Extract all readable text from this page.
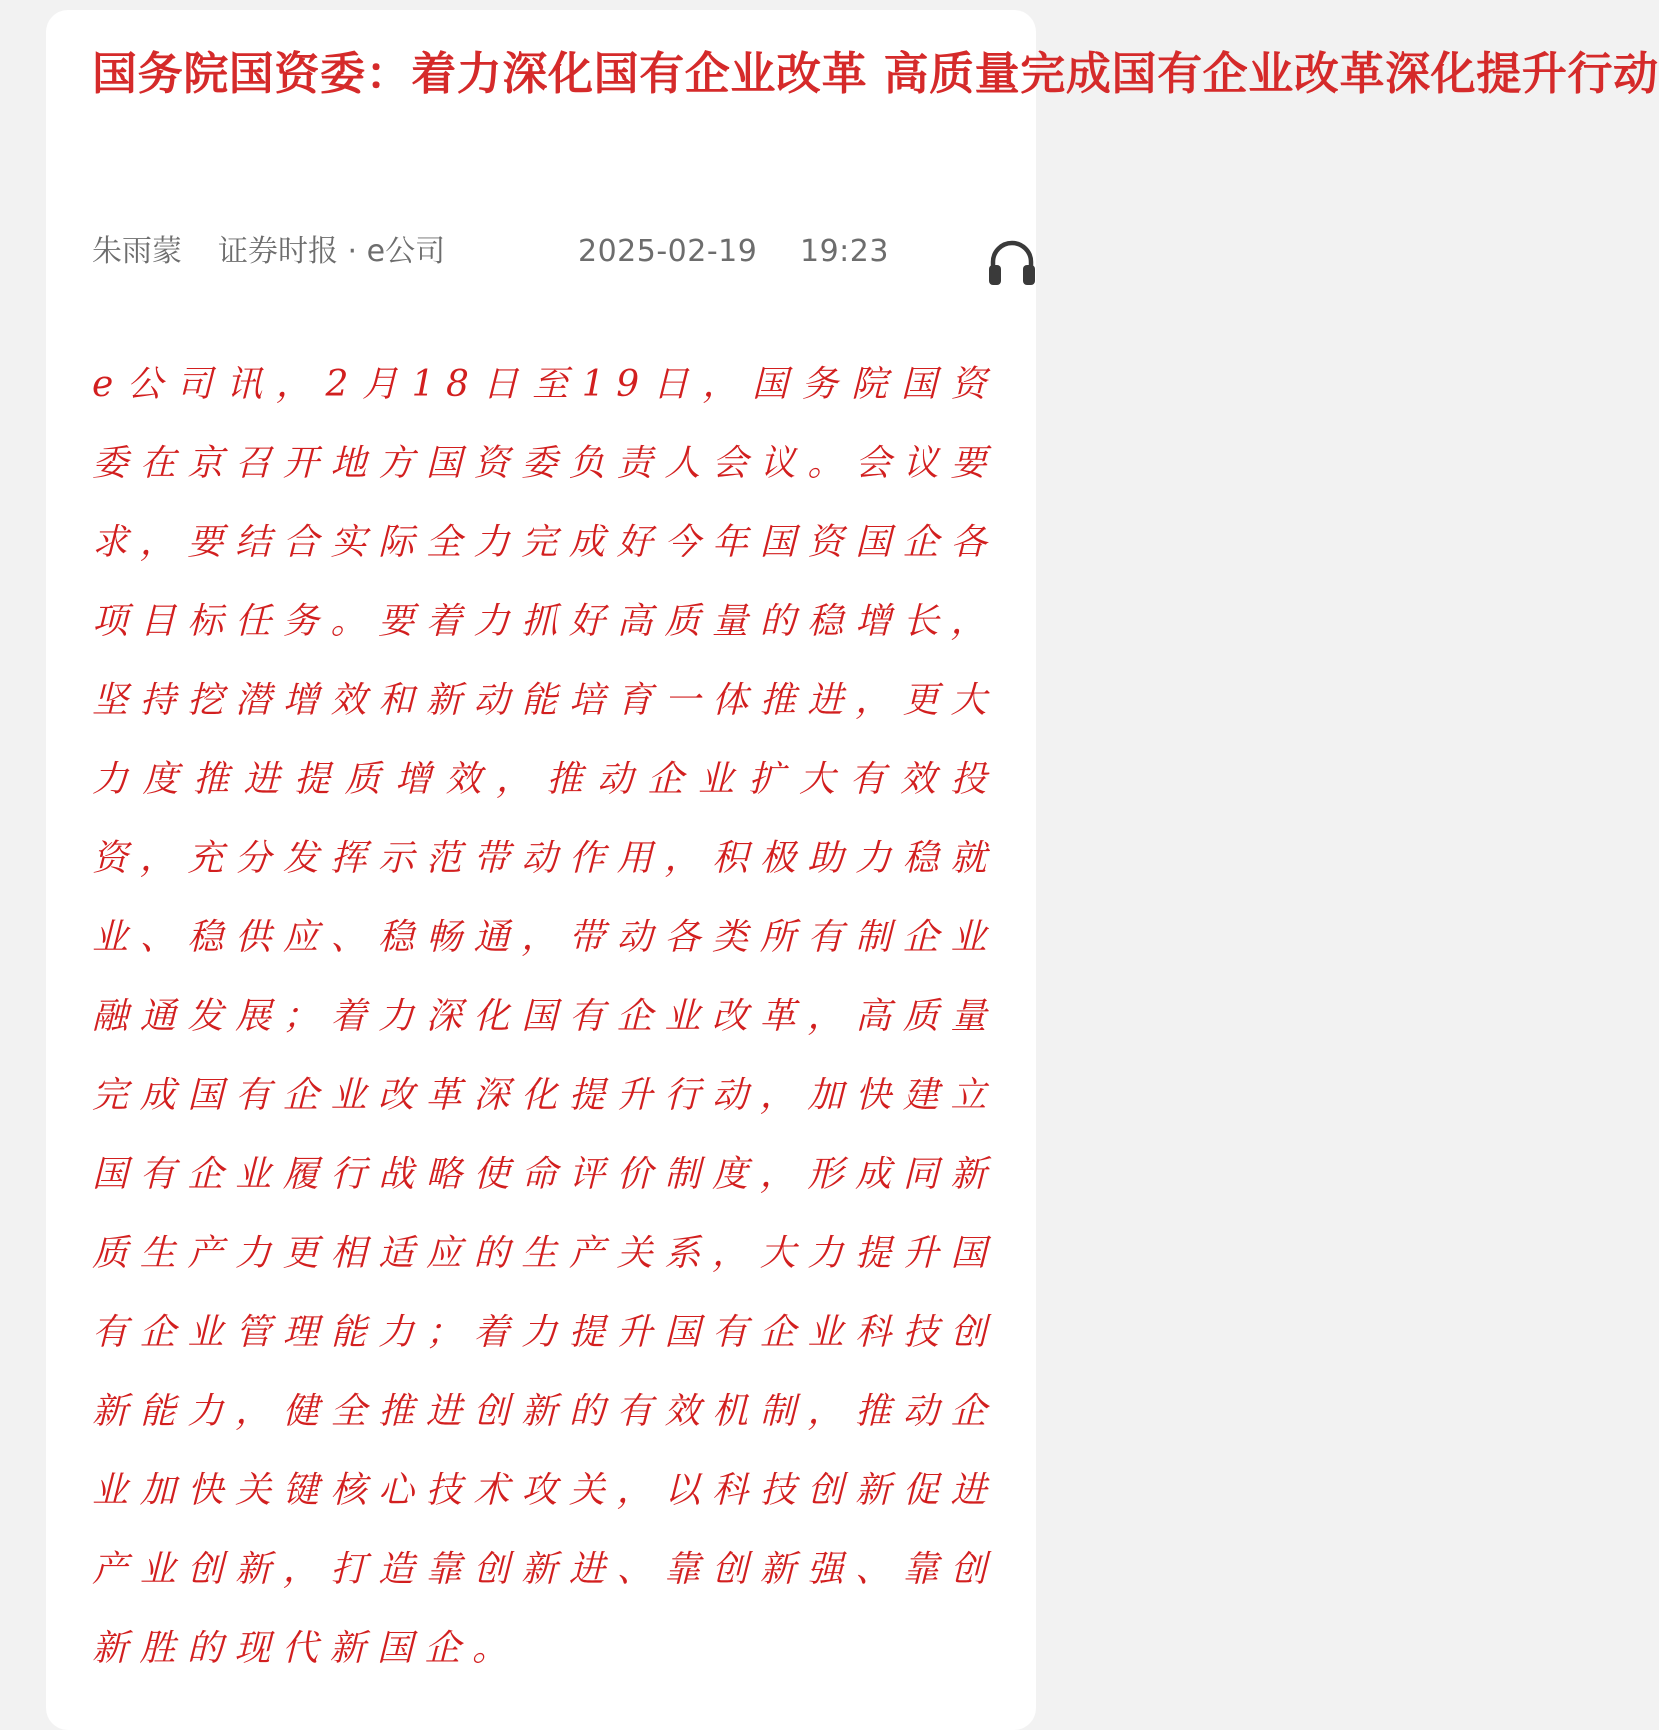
国务院国资委：着力深化国有企业改革 高质量完成国有企业改革深化提升行动
朱雨蒙 证券时报 · e公司	2025-02-19 19:23

e公司讯，2月18日至19日，国务院国资委在京召开地方国资委负责人会议。会议要求，要结合实际全力完成好今年国资国企各项目标任务。要着力抓好高质量的稳增长，坚持挖潜增效和新动能培育一体推进，更大力度推进提质增效，推动企业扩大有效投资，充分发挥示范带动作用，积极助力稳就业、稳供应、稳畅通，带动各类所有制企业融通发展；着力深化国有企业改革，高质量完成国有企业改革深化提升行动，加快建立国有企业履行战略使命评价制度，形成同新质生产力更相适应的生产关系，大力提升国有企业管理能力；着力提升国有企业科技创新能力，健全推进创新的有效机制，推动企业加快关键核心技术攻关，以科技创新促进产业创新，打造靠创新进、靠创新强、靠创新胜的现代新国企。
